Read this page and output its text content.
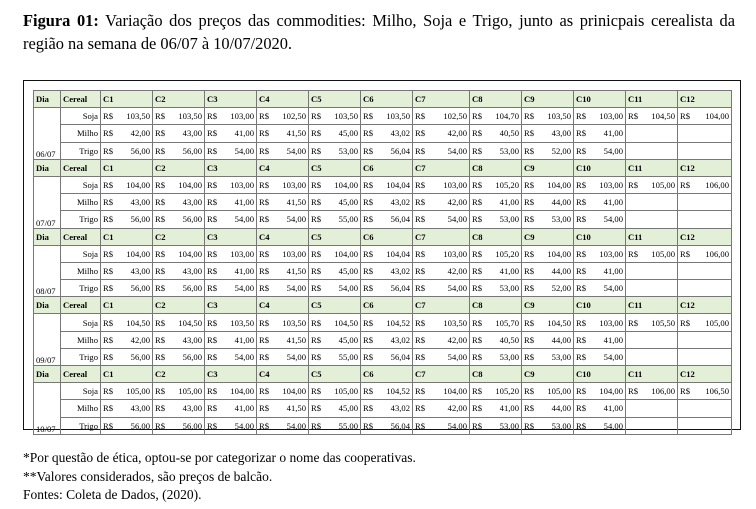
Figura 01: Variação dos preços das commodities: Milho, Soja e Trigo, junto as prinicpais cerealista da região na semana de 06/07 à 10/07/2020.
Dia	Cereal	C1	C2	C3	C4	C5	C6	C7	C8	C9	C10	C11	C12
06/07	Soja	R$ 103,50	R$ 103,50	R$ 103,00	R$ 102,50	R$ 103,50	R$ 103,50	R$ 102,50	R$ 104,70	R$ 103,50	R$ 103,00	R$ 104,50	R$ 104,00

	Milho	R$ 42,00	R$ 43,00	R$ 41,00	R$ 41,50	R$ 45,00	R$ 43,02	R$ 42,00	R$ 40,50	R$ 43,00	R$ 41,00		

	Trigo	R$ 56,00	R$ 56,00	R$ 54,00	R$ 54,00	R$ 53,00	R$ 56,04	R$ 54,00	R$ 53,00	R$ 52,00	R$ 54,00		

Dia	Cereal	C1	C2	C3	C4	C5	C6	C7	C8	C9	C10	C11	C12
07/07	Soja	R$ 104,00	R$ 104,00	R$ 103,00	R$ 103,00	R$ 104,00	R$ 104,04	R$ 103,00	R$ 105,20	R$ 104,00	R$ 103,00	R$ 105,00	R$ 106,00

	Milho	R$ 43,00	R$ 43,00	R$ 41,00	R$ 41,50	R$ 45,00	R$ 43,02	R$ 42,00	R$ 41,00	R$ 44,00	R$ 41,00		

	Trigo	R$ 56,00	R$ 56,00	R$ 54,00	R$ 54,00	R$ 55,00	R$ 56,04	R$ 54,00	R$ 53,00	R$ 53,00	R$ 54,00		

Dia	Cereal	C1	C2	C3	C4	C5	C6	C7	C8	C9	C10	C11	C12
08/07	Soja	R$ 104,00	R$ 104,00	R$ 103,00	R$ 103,00	R$ 104,00	R$ 104,04	R$ 103,00	R$ 105,20	R$ 104,00	R$ 103,00	R$ 105,00	R$ 106,00

	Milho	R$ 43,00	R$ 43,00	R$ 41,00	R$ 41,50	R$ 45,00	R$ 43,02	R$ 42,00	R$ 41,00	R$ 44,00	R$ 41,00		

	Trigo	R$ 56,00	R$ 56,00	R$ 54,00	R$ 54,00	R$ 54,00	R$ 56,04	R$ 54,00	R$ 53,00	R$ 52,00	R$ 54,00		

Dia	Cereal	C1	C2	C3	C4	C5	C6	C7	C8	C9	C10	C11	C12
09/07	Soja	R$ 104,50	R$ 104,50	R$ 103,50	R$ 103,50	R$ 104,50	R$ 104,52	R$ 103,50	R$ 105,70	R$ 104,50	R$ 103,00	R$ 105,50	R$ 105,00

	Milho	R$ 42,00	R$ 43,00	R$ 41,00	R$ 41,50	R$ 45,00	R$ 43,02	R$ 42,00	R$ 40,50	R$ 44,00	R$ 41,00		

	Trigo	R$ 56,00	R$ 56,00	R$ 54,00	R$ 54,00	R$ 55,00	R$ 56,04	R$ 54,00	R$ 53,00	R$ 53,00	R$ 54,00		

Dia	Cereal	C1	C2	C3	C4	C5	C6	C7	C8	C9	C10	C11	C12
10/07	Soja	R$ 105,00	R$ 105,00	R$ 104,00	R$ 104,00	R$ 105,00	R$ 104,52	R$ 104,00	R$ 105,20	R$ 105,00	R$ 104,00	R$ 106,00	R$ 106,50

	Milho	R$ 43,00	R$ 43,00	R$ 41,00	R$ 41,50	R$ 45,00	R$ 43,02	R$ 42,00	R$ 41,00	R$ 44,00	R$ 41,00		

	Trigo	R$ 56,00	R$ 56,00	R$ 54,00	R$ 54,00	R$ 55,00	R$ 56,04	R$ 54,00	R$ 53,00	R$ 53,00	R$ 54,00		

*Por questão de ética, optou-se por categorizar o nome das cooperativas.
**Valores considerados, são preços de balcão.
Fontes: Coleta de Dados, (2020).
